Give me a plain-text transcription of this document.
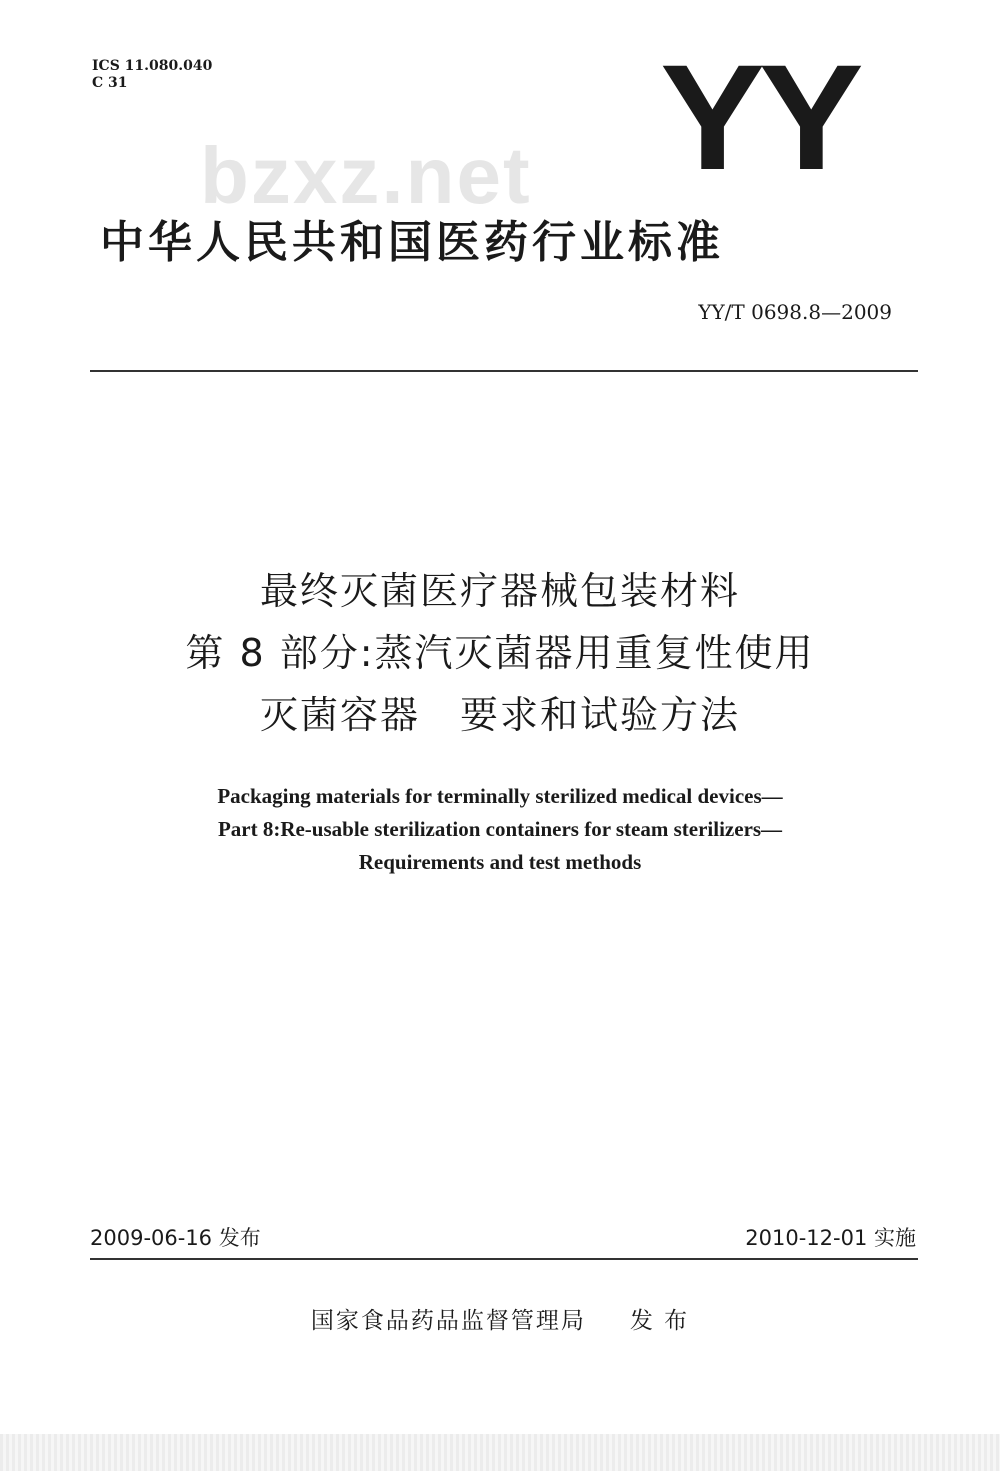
ICS 11.080.040
C 31
bzxz.net YY
中华人民共和国医药行业标准
YY/T 0698.8—2009
最终灭菌医疗器械包装材料
第 8 部分:蒸汽灭菌器用重复性使用
灭菌容器　要求和试验方法
Packaging materials for terminally sterilized medical devices—
Part 8:Re-usable sterilization containers for steam sterilizers—
Requirements and test methods
2009-06-16 发布	2010-12-01 实施
国家食品药品监督管理局 发 布
